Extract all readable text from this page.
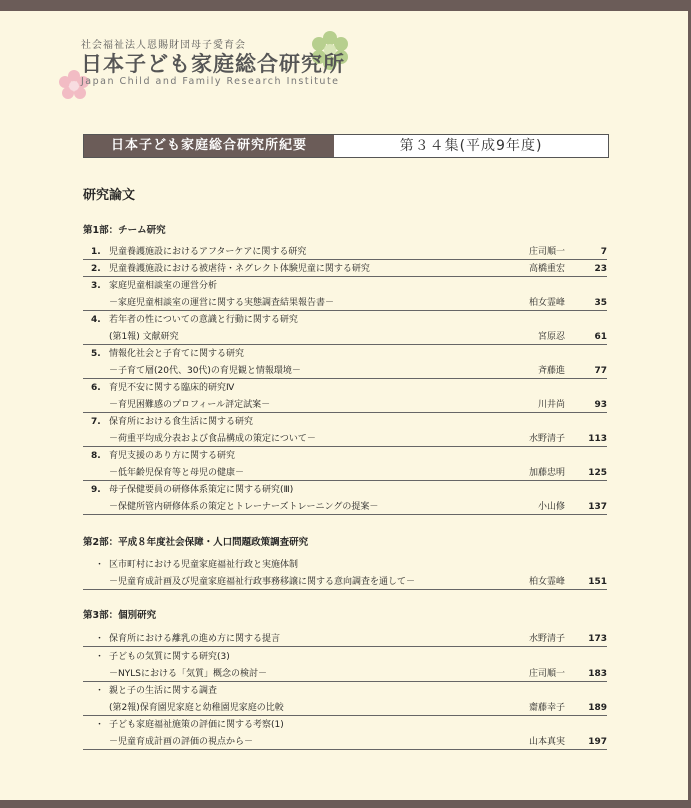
社会福祉法人恩賜財団母子愛育会
日本子ども家庭総合研究所
Japan Child and Family Research Institute
日本子ども家庭総合研究所紀要	第３４集(平成9年度)
研究論文
第1部：チーム研究
第2部：平成８年度社会保障・人口問題政策調査研究
第3部：個別研究
1. 児童養護施設におけるアフターケアに関する研究	庄司順一	7
2. 児童養護施設における被虐待・ネグレクト体験児童に関する研究	高橋重宏	23
3. 家庭児童相談室の運営分析
－家庭児童相談室の運営に関する実態調査結果報告書－	柏女霊峰	35
4. 若年者の性についての意識と行動に関する研究
(第1報) 文献研究	宮原忍	61
5. 情報化社会と子育てに関する研究
－子育て層(20代、30代)の育児観と情報環境－	斉藤進	77
6. 育児不安に関する臨床的研究Ⅳ
－育児困難感のプロフィール評定試案－	川井尚	93
7. 保育所における食生活に関する研究
－荷重平均成分表および食品構成の策定について－	水野清子	113
8. 育児支援のあり方に関する研究
－低年齢児保育等と母児の健康－	加藤忠明	125
9. 母子保健要員の研修体系策定に関する研究(Ⅲ)
－保健所管内研修体系の策定とトレーナーズトレーニングの提案－	小山修	137
・ 区市町村における児童家庭福祉行政と実施体制
－児童育成計画及び児童家庭福祉行政事務移譲に関する意向調査を通して－	柏女霊峰	151
・ 保育所における離乳の進め方に関する提言	水野清子	173
・ 子どもの気質に関する研究(3)
－NYLSにおける「気質」概念の検討－	庄司順一	183
・ 親と子の生活に関する調査
(第2報)保育園児家庭と幼稚園児家庭の比較	齋藤幸子	189
・ 子ども家庭福祉施策の評価に関する考察(1)
－児童育成計画の評価の視点から－	山本真実	197
